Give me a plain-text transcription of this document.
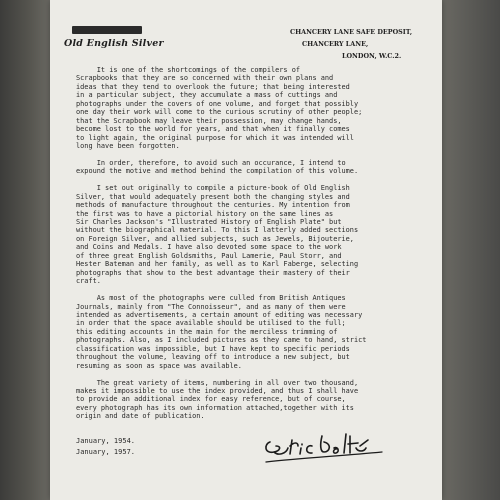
Old English Silver
CHANCERY LANE SAFE DEPOSIT,
CHANCERY LANE,
LONDON, W.C.2.
It is one of the shortcomings of the compilers of
Scrapbooks that they are so concerned with their own plans and
ideas that they tend to overlook the future; that being interested
in a particular subject, they accumulate a mass of cuttings and
photographs under the covers of one volume, and forget that possibly
one day their work will come to the curious scrutiny of other people;
that the Scrapbook may leave their possession, may change hands,
become lost to the world for years, and that when it finally comes
to light again, the original purpose for which it was intended will
long have been forgotten.
In order, therefore, to avoid such an occurance, I intend to
expound the motive and method behind the compilation of this volume.
I set out originally to compile a picture-book of Old English
Silver, that would adequately present both the changing styles and
methods of manufacture throughout the centuries. My intention from
the first was to have a pictorial history on the same lines as
Sir Charles Jackson's "Illustrated History of English Plate" but
without the biographical material. To this I latterly added sections
on Foreign Silver, and allied subjects, such as Jewels, Bijouterie,
and Coins and Medals. I have also devoted some space to the work
of three great English Goldsmiths, Paul Lamerie, Paul Storr, and
Hester Bateman and her family, as well as to Karl Faberge, selecting
photographs that show to the best advantage their mastery of their
craft.
As most of the photographs were culled from British Antiques
Journals, mainly from "The Connoisseur", and as many of them were
intended as advertisements, a certain amount of editing was necessary
in order that the space available should be utilised to the full;
this editing accounts in the main for the merciless trimming of
photographs. Also, as I included pictures as they came to hand, strict
classification was impossible, but I have kept to specific periods
throughout the volume, leaving off to introduce a new subject, but
resuming as soon as space was available.
The great variety of items, numbering in all over two thousand,
makes it impossible to use the index provided, and thus I shall have
to provide an additional index for easy reference, but of course,
every photograph has its own information attached,together with its
origin and date of publication.
January, 1954.
January, 1957.
